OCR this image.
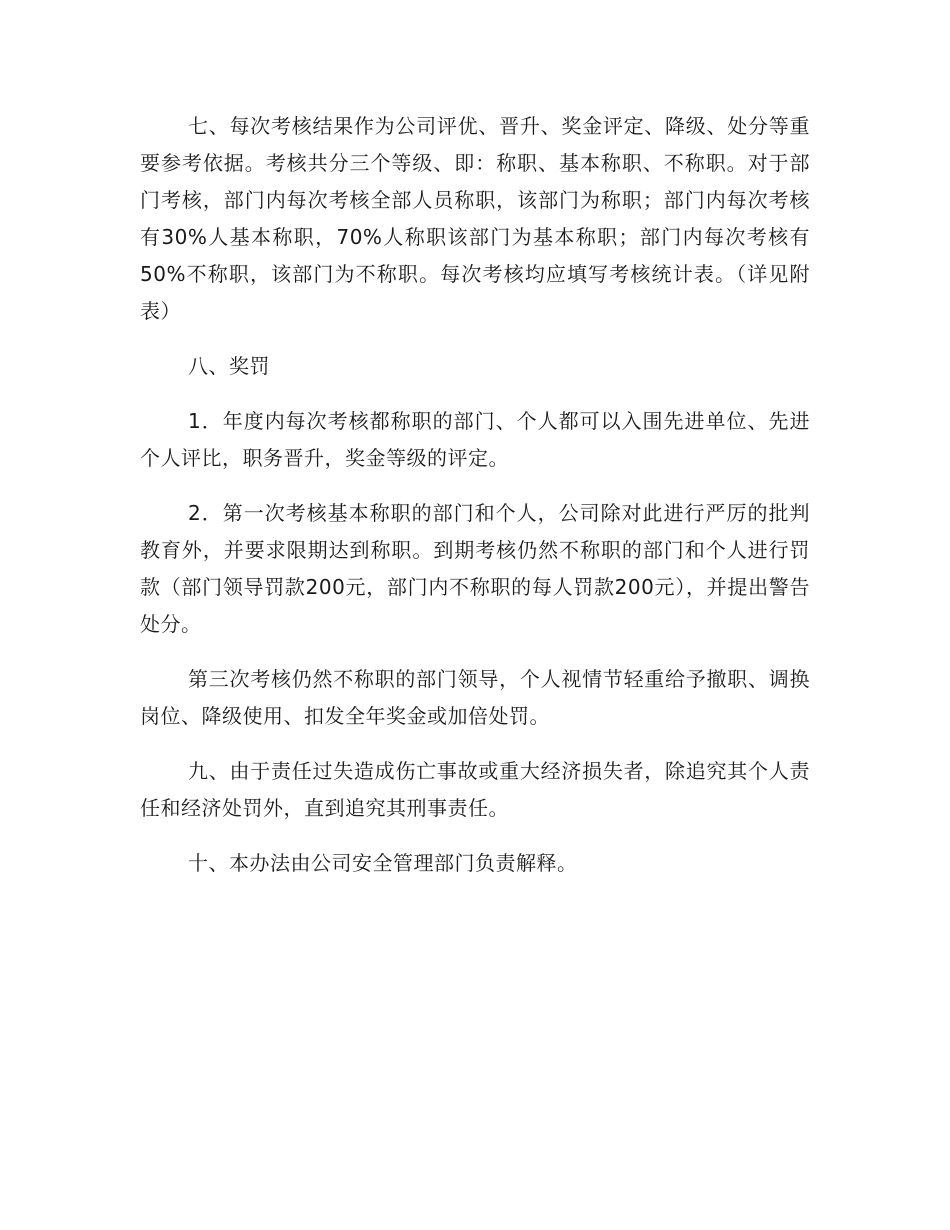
七、每次考核结果作为公司评优、晋升、奖金评定、降级、处分等重要参考依据。考核共分三个等级、即：称职、基本称职、不称职。对于部门考核，部门内每次考核全部人员称职，该部门为称职；部门内每次考核有30%人基本称职，70%人称职该部门为基本称职；部门内每次考核有50%不称职，该部门为不称职。每次考核均应填写考核统计表。（详见附表）

八、奖罚

1．年度内每次考核都称职的部门、个人都可以入围先进单位、先进个人评比，职务晋升，奖金等级的评定。

2．第一次考核基本称职的部门和个人，公司除对此进行严厉的批判教育外，并要求限期达到称职。到期考核仍然不称职的部门和个人进行罚款（部门领导罚款200元，部门内不称职的每人罚款200元），并提出警告处分。

第三次考核仍然不称职的部门领导，个人视情节轻重给予撤职、调换岗位、降级使用、扣发全年奖金或加倍处罚。

九、由于责任过失造成伤亡事故或重大经济损失者，除追究其个人责任和经济处罚外，直到追究其刑事责任。

十、本办法由公司安全管理部门负责解释。
